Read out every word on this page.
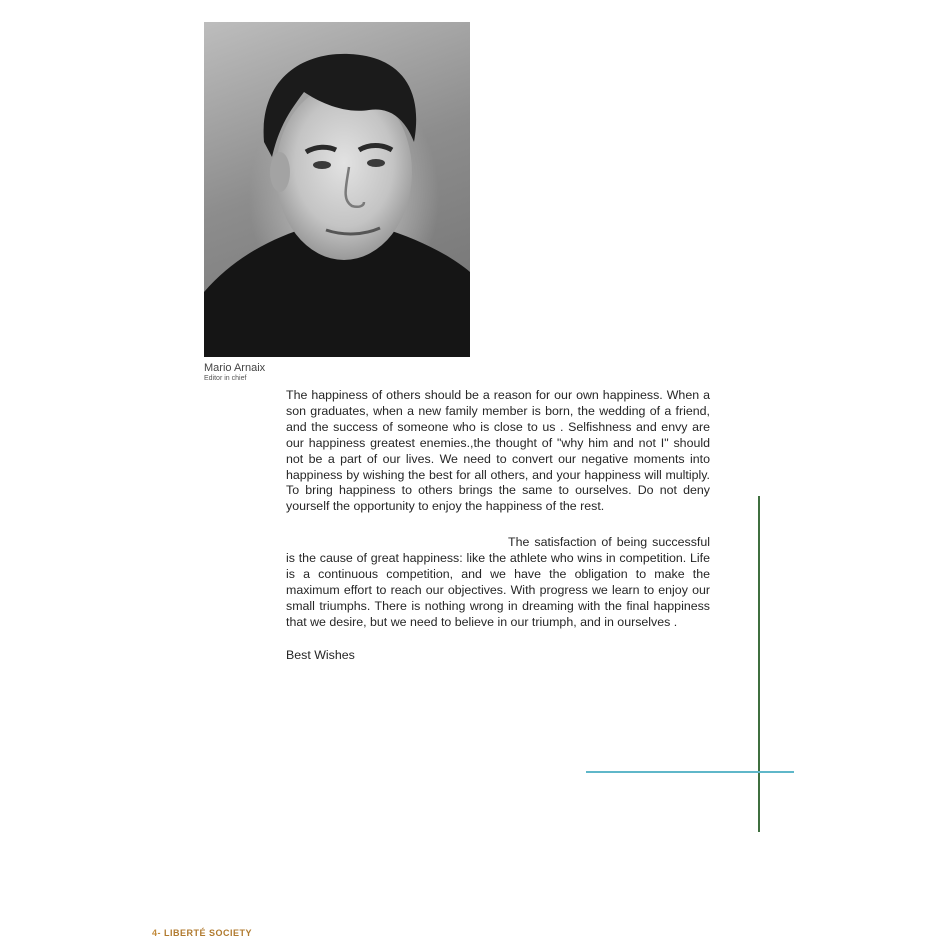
Mario Arnaix
Editor in chief

The happiness of others should be a reason for our own happiness. When a son graduates, when a new family member is born, the wedding of a friend, and the success of someone who is close to us . Selfishness and envy are our happiness greatest enemies.,the thought of "why him and not I" should not be a part of our lives. We need to convert our negative moments into happiness by wishing the best for all others, and your happiness will multiply. To bring happiness to others brings the same to ourselves. Do not deny yourself the opportunity to enjoy the happiness of the rest.

The satisfaction of being successful is the cause of great happiness: like the athlete who wins in competition. Life is a continuous competition, and we have the obligation to make the maximum effort to reach our objectives. With progress we learn to enjoy our small triumphs. There is nothing wrong in dreaming with the final happiness that we desire, but we need to believe in our triumph, and in ourselves .

Best Wishes

4- LIBERTÉ SOCIETY
